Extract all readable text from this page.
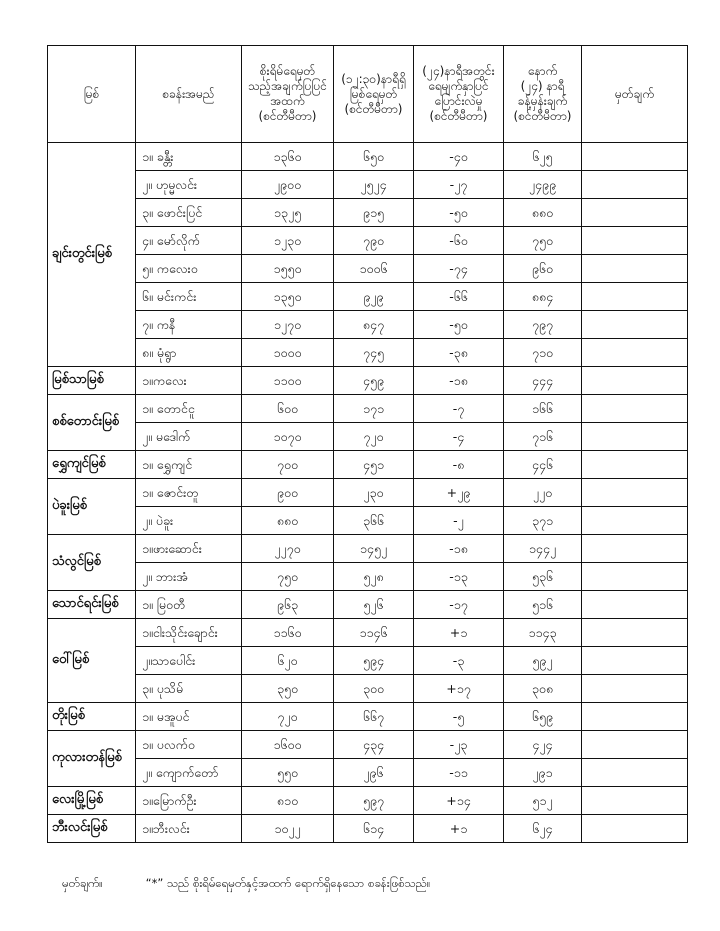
မြစ်	စခန်းအမည်	စိုးရိမ်ရေမှတ်
သည့်အချက်ပြပြင်
အထက်
(စင်တီမီတာ)	(၁၂:၃၀)နာရီရှိ
မြစ်ရေမှတ်
(စင်တီမီတာ)	(၂၄)နာရီအတွင်း
ရေမျက်နှာပြင်
ပြောင်းလဲမှု
(စင်တီမီတာ)	နောက်
(၂၄) နာရီ
ခန့်မှန်းချက်
(စင်တီမီတာ)	မှတ်ချက်
ချင်းတွင်းမြစ်	၁။ ခန္တီး	၁၃၆၀	၆၅၀	-၄၀	၆၂၅	
	၂။ ဟုမ္မလင်း	၂၉၀၀	၂၅၂၄	-၂၇	၂၄၉၉	
	၃။ ဖောင်းပြင်	၁၃၂၅	၉၁၅	-၅၀	၈၈၀	
	၄။ မော်လိုက်	၁၂၃၀	၇၉၀	-၆၀	၇၅၀	
	၅။ ကလေးဝ	၁၅၅၀	၁၀၀၆	-၇၄	၉၆၀	
	၆။ မင်းကင်း	၁၃၅၀	၉၂၉	-၆၆	၈၈၄	
	၇။ ကနီ	၁၂၇၀	၈၄၇	-၅၀	၇၉၇	
	၈။ မုံရွာ	၁၀၀၀	၇၄၅	-၃၈	၇၁၀	
မြစ်သာမြစ်	၁။ကလေး	၁၁၀၀	၄၅၉	-၁၈	၄၄၄	
စစ်တောင်းမြစ်	၁။ တောင်ငူ	၆၀၀	၁၇၁	-၇	၁၆၆	
	၂။ မဒေါက်	၁၀၇၀	၇၂၀	-၄	၇၁၆	
ရွှေကျင်မြစ်	၁။ ရွှေကျင်	၇၀၀	၄၅၁	-၈	၄၄၆	
ပဲခူးမြစ်	၁။ ဇောင်းတူ	၉၀၀	၂၃၀	+၂၉	၂၂၀	
	၂။ ပဲခူး	၈၈၀	၃၆၆	-၂	၃၇၁	
သံလွင်မြစ်	၁။ဖားဆောင်း	၂၂၇၀	၁၄၅၂	-၁၈	၁၄၄၂	
	၂။ ဘားအံ	၇၅၀	၅၂၈	-၁၃	၅၃၆	
သောင်ရင်းမြစ်	၁။ မြဝတီ	၉၆၃	၅၂၆	-၁၇	၅၁၆	
ဝေါ်မြစ်	၁။ငါးသိုင်းချောင်း	၁၁၆၀	၁၁၄၆	+၁	၁၁၄၃	
	၂။သာပေါင်း	၆၂၀	၅၉၄	-၃	၅၉၂	
	၃။ ပုသိမ်	၃၅၀	၃၀၀	+၁၇	၃၀၈	
တိုးမြစ်	၁။ မအူပင်	၇၂၀	၆၆၇	-၅	၆၅၉	
ကုလားတန်မြစ်	၁။ ပလက်ဝ	၁၆၀၀	၄၃၄	-၂၃	၄၂၄	
	၂။ ကျောက်တော်	၅၅၀	၂၉၆	-၁၁	၂၉၁	
လေးမြို့မြစ်	၁။မြောက်ဦး	၈၁၀	၅၉၇	+၁၄	၅၁၂	
ဘီးလင်းမြစ်	၁။ဘီးလင်း	၁၀၂၂	၆၁၄	+၁	၆၂၄	
မှတ်ချက်။	“*” သည် စိုးရိမ်ရေမှတ်နှင့်အထက် ရောက်ရှိနေသော စခန်းဖြစ်သည်။
